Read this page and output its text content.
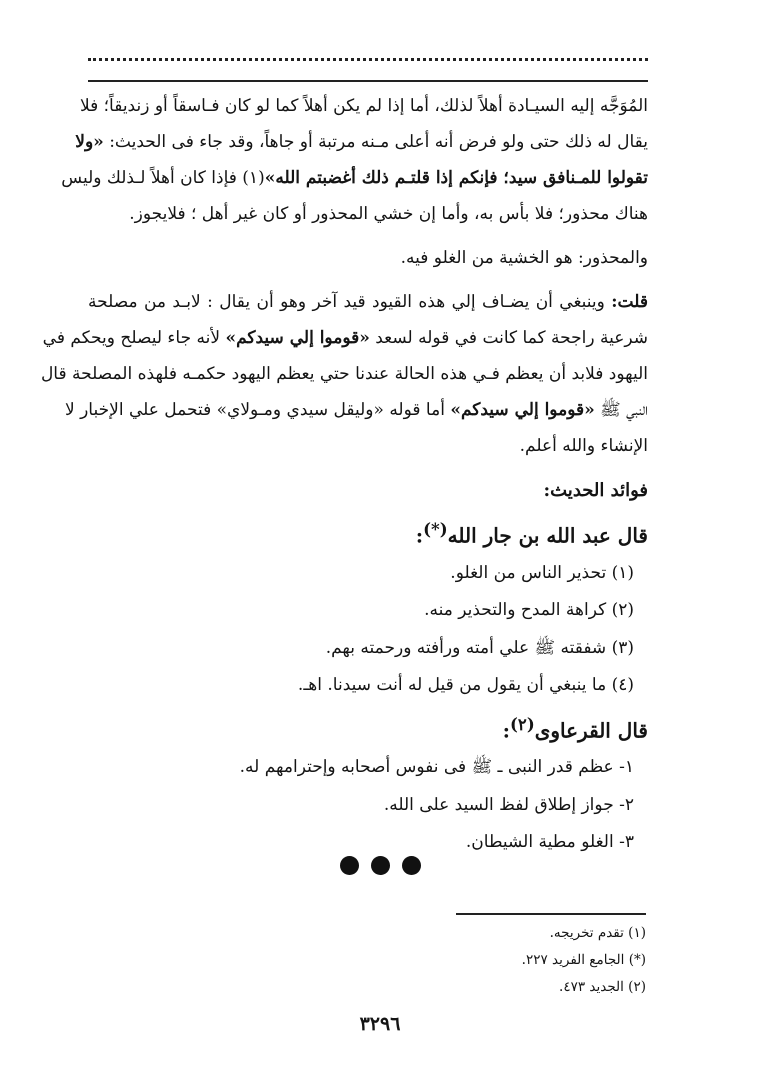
المُوَجَّه إليه السيـادة أهلاً لذلك، أما إذا لم يكن أهلاً كما لو كان فـاسقاً أو زنديقاً؛ فلا
يقال له ذلك حتى ولو فرض أنه أعلى مـنه مرتبة أو جاهاً، وقد جاء فى الحديث: «ولا
تقولوا للمـنافق سيد؛ فإنكم إذا قلتـم ذلك أغضبتم الله»(١) فإذا كان أهلاً لـذلك وليس
هناك محذور؛ فلا بأس به، وأما إن خشي المحذور أو كان غير أهل ؛ فلايجوز.
والمحذور: هو الخشية من الغلو فيه.
قلت: وينبغي أن يضـاف إلي هذه القيود قيد آخر وهو أن يقال : لابـد من مصلحة
شرعية راجحة كما كانت في قوله لسعد «قوموا إلي سيدكم» لأنه جاء ليصلح ويحكم في
اليهود فلابد أن يعظم فـي هذه الحالة عندنا حتي يعظم اليهود حكمـه فلهذه المصلحة قال
النبي ﷺ «قوموا إلي سيدكم» أما قوله «وليقل سيدي ومـولاي» فتحمل علي الإخبار لا
الإنشاء والله أعلم.
فوائد الحديث:
قال عبد الله بن جار الله(*):
(١) تحذير الناس من الغلو.
(٢) كراهة المدح والتحذير منه.
(٣) شفقته ﷺ علي أمته ورأفته ورحمته بهم.
(٤) ما ينبغي أن يقول من قيل له أنت سيدنا. اهـ.
قال القرعاوى$^{(٢)}$:
١- عظم قدر النبى ـ ﷺ فى نفوس أصحابه وإحترامهم له.
٢- جواز إطلاق لفظ السيد على الله.
٣- الغلو مطية الشيطان.
(١) تقدم تخريجه.
(*) الجامع الفريد ٢٢٧.
(٢) الجديد ٤٧٣.
٣٢٩٦
